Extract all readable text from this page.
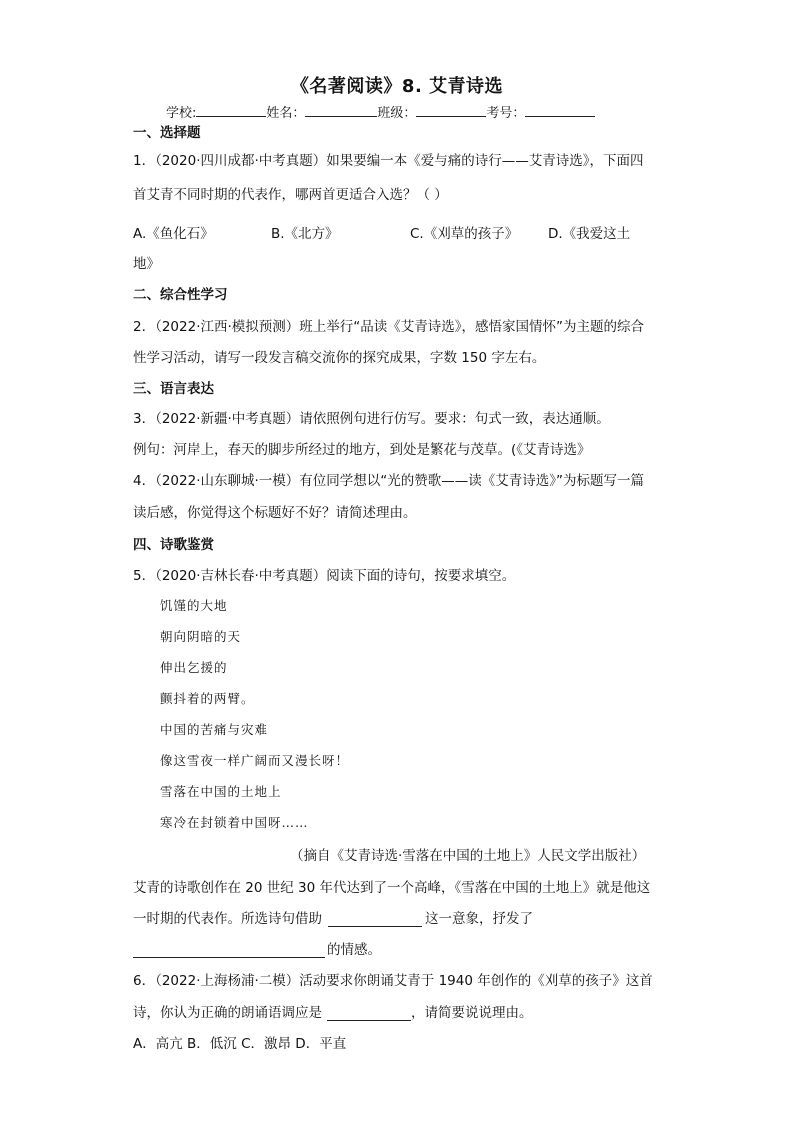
《名著阅读》8. 艾青诗选
学校:	姓名：	班级：	考号：
一、选择题
1．（2020·四川成都·中考真题）如果要编一本《爱与痛的诗行——艾青诗选》，下面四
首艾青不同时期的代表作，哪两首更适合入选？（ ）
A.《鱼化石》	B.《北方》	C.《刈草的孩子》 D.《我爱这土
地》
二、综合性学习
2．（2022·江西·模拟预测）班上举行“品读《艾青诗选》，感悟家国情怀”为主题的综合
性学习活动，请写一段发言稿交流你的探究成果，字数 150 字左右。
三、语言表达
3．（2022·新疆·中考真题）请依照例句进行仿写。要求：句式一致，表达通顺。
例句：河岸上，春天的脚步所经过的地方，到处是繁花与茂草。(《艾青诗选》
4．（2022·山东聊城·一模）有位同学想以“光的赞歌——读《艾青诗选》”为标题写一篇
读后感，你觉得这个标题好不好？请简述理由。
四、诗歌鉴赏
5．（2020·吉林长春·中考真题）阅读下面的诗句，按要求填空。
饥馑的大地
朝向阴暗的天
伸出乞援的
颤抖着的两臂。
中国的苦痛与灾难
像这雪夜一样广阔而又漫长呀！
雪落在中国的土地上
寒冷在封锁着中国呀……
（摘自《艾青诗选·雪落在中国的土地上》人民文学出版社）
艾青的诗歌创作在 20 世纪 30 年代达到了一个高峰，《雪落在中国的土地上》就是他这
一时期的代表作。所选诗句借助	这一意象，抒发了
的情感。
6．（2022·上海杨浦·二模）活动要求你朗诵艾青于 1940 年创作的《刈草的孩子》这首
诗，你认为正确的朗诵语调应是	，请简要说说理由。
A．高亢 B．低沉 C．激昂 D．平直
